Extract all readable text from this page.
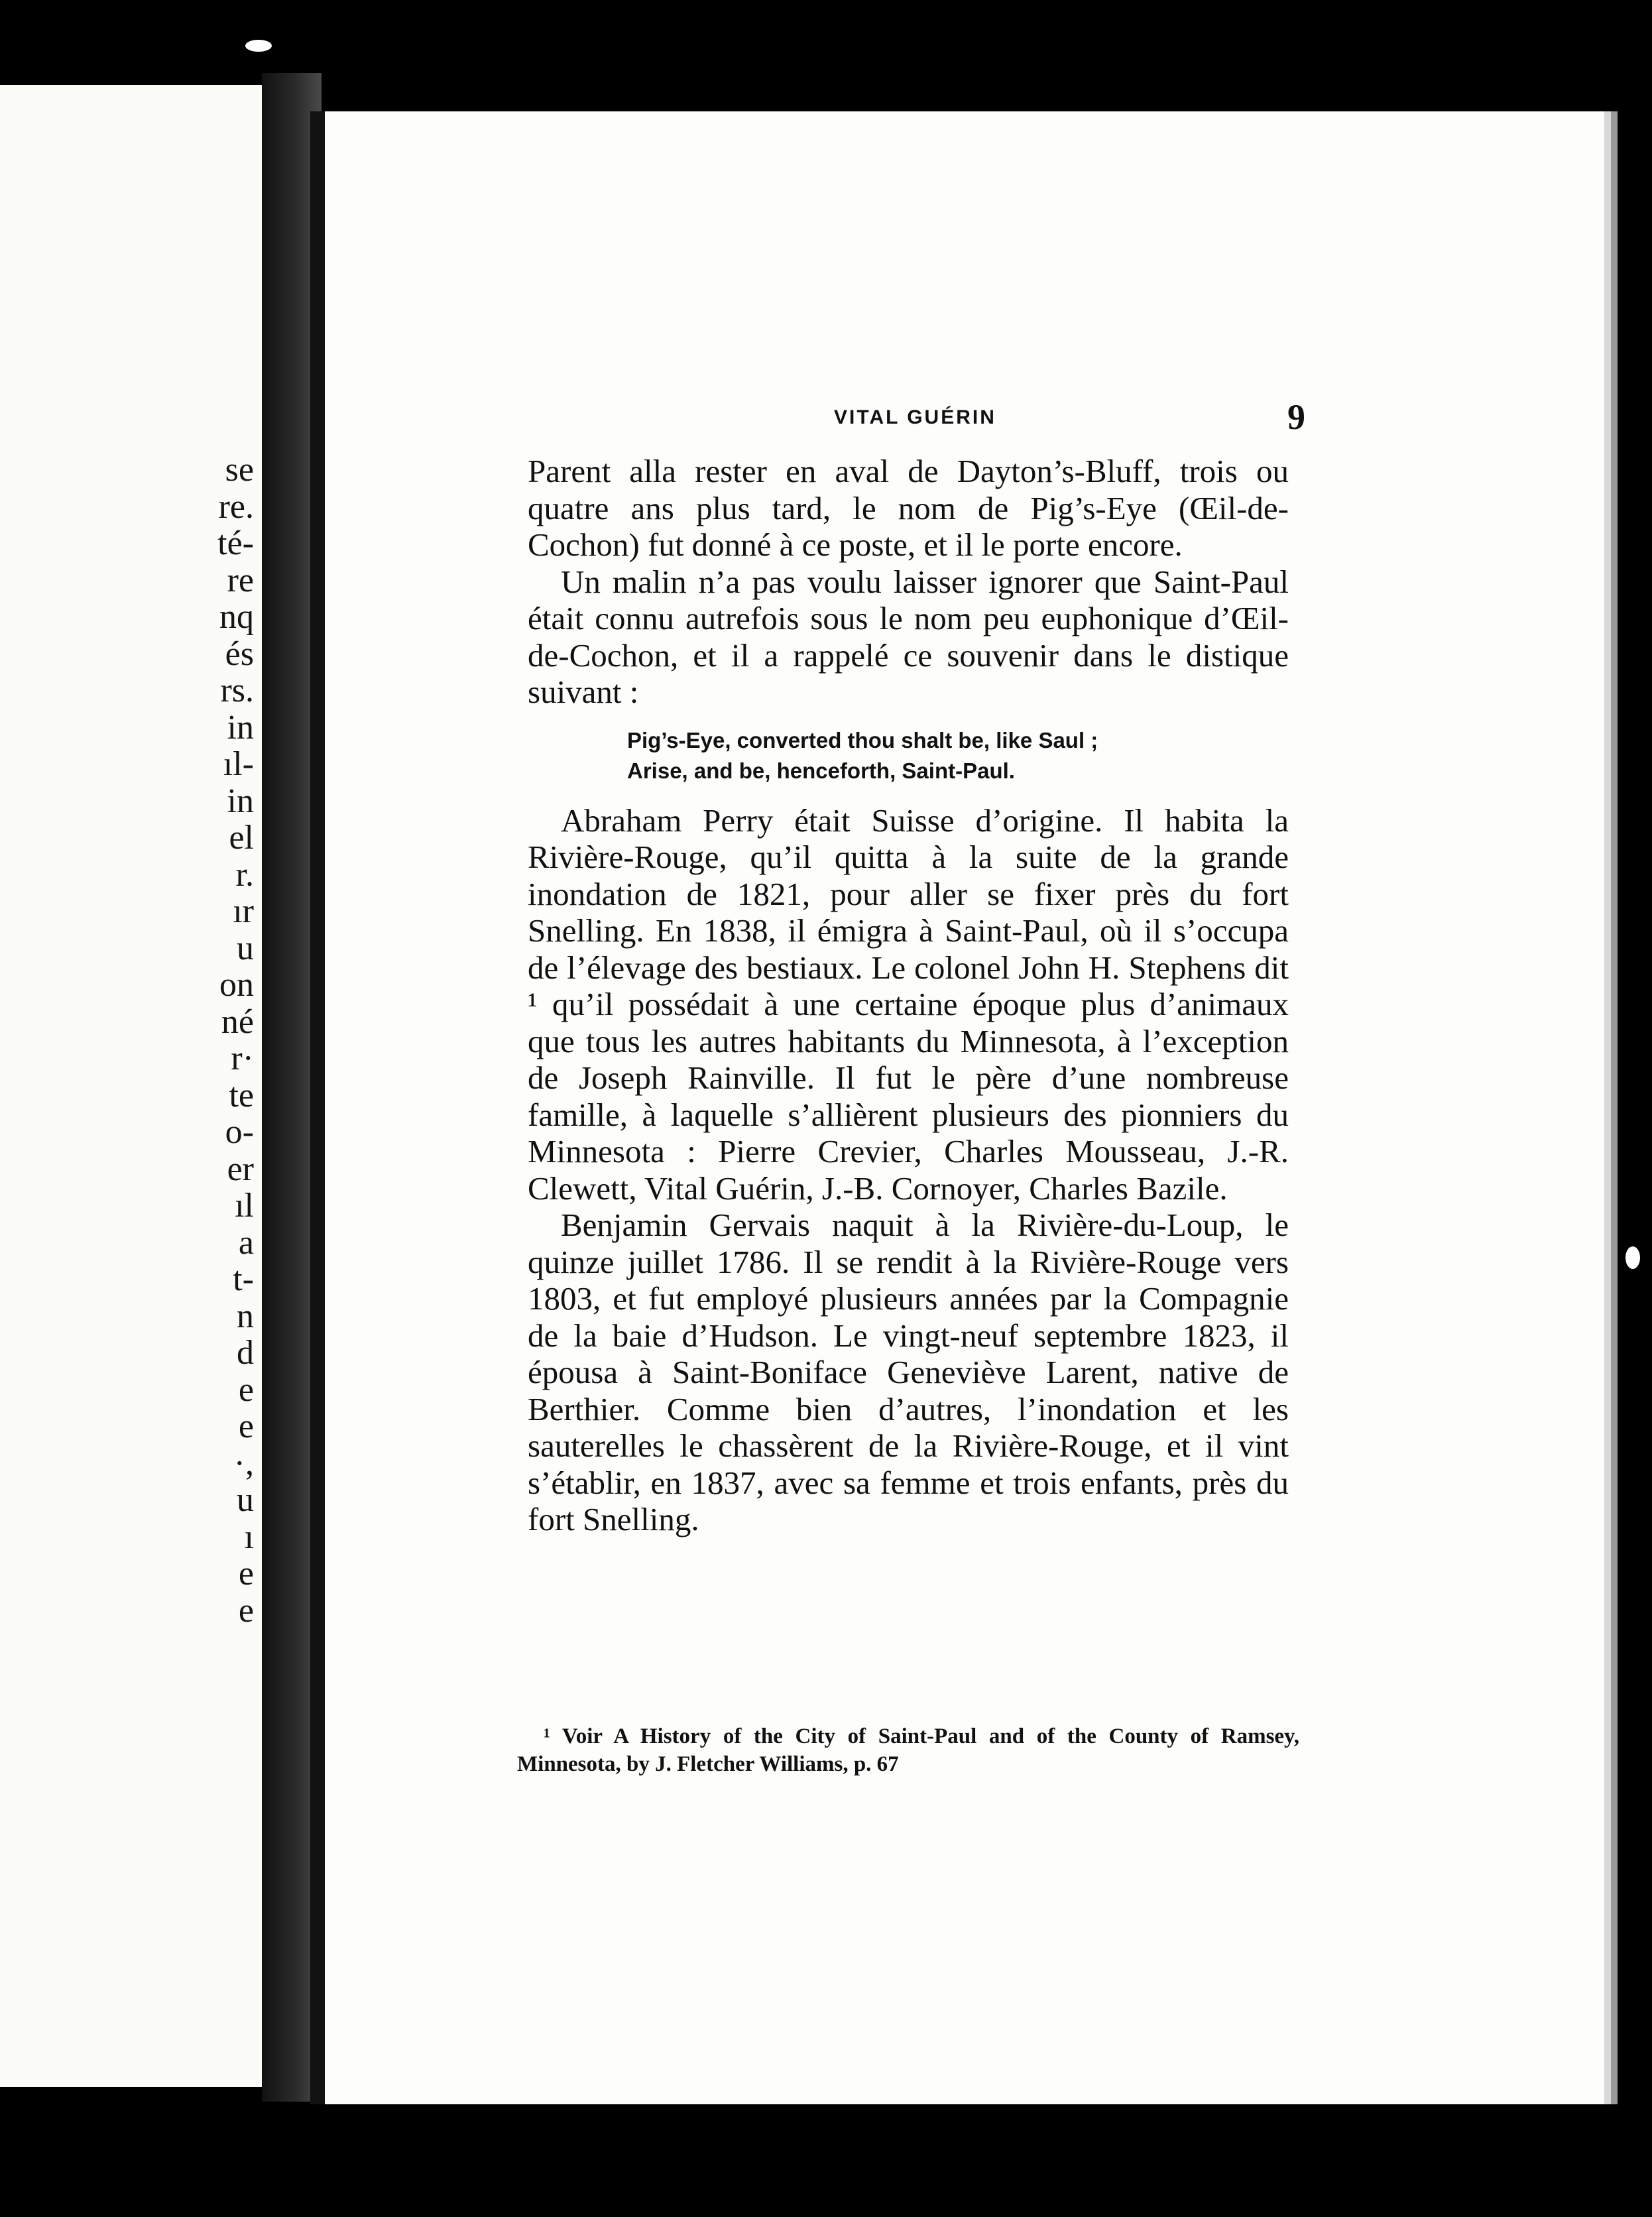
se
re.
té-
re
nq
és
rs.
in
ıl-
in
el
r.
ır
u
on
né
r·
te
o-
er
ıl
a
t-
n
d
e
e
·,
u
ı
e
e
VITAL GUÉRIN	9

Parent alla rester en aval de Dayton’s-Bluff, trois ou quatre ans plus tard, le nom de Pig’s-Eye (Œil-de-Cochon) fut donné à ce poste, et il le porte encore.

Un malin n’a pas voulu laisser ignorer que Saint-Paul était connu autrefois sous le nom peu euphonique d’Œil-de-Cochon, et il a rappelé ce souvenir dans le distique suivant :

Pig’s-Eye, converted thou shalt be, like Saul ;
Arise, and be, henceforth, Saint-Paul.

Abraham Perry était Suisse d’origine. Il habita la Rivière-Rouge, qu’il quitta à la suite de la grande inondation de 1821, pour aller se fixer près du fort Snelling. En 1838, il émigra à Saint-Paul, où il s’occupa de l’élevage des bestiaux. Le colonel John H. Stephens dit ¹ qu’il possédait à une certaine époque plus d’animaux que tous les autres habitants du Minnesota, à l’exception de Joseph Rainville. Il fut le père d’une nombreuse famille, à laquelle s’allièrent plusieurs des pionniers du Minnesota : Pierre Crevier, Charles Mousseau, J.-R. Clewett, Vital Guérin, J.-B. Cornoyer, Charles Bazile.

Benjamin Gervais naquit à la Rivière-du-Loup, le quinze juillet 1786. Il se rendit à la Rivière-Rouge vers 1803, et fut employé plusieurs années par la Compagnie de la baie d’Hudson. Le vingt-neuf septembre 1823, il épousa à Saint-Boniface Geneviève Larent, native de Berthier. Comme bien d’autres, l’inondation et les sauterelles le chassèrent de la Rivière-Rouge, et il vint s’établir, en 1837, avec sa femme et trois enfants, près du fort Snelling.

¹ Voir A History of the City of Saint-Paul and of the County of Ramsey, Minnesota, by J. Fletcher Williams, p. 67
